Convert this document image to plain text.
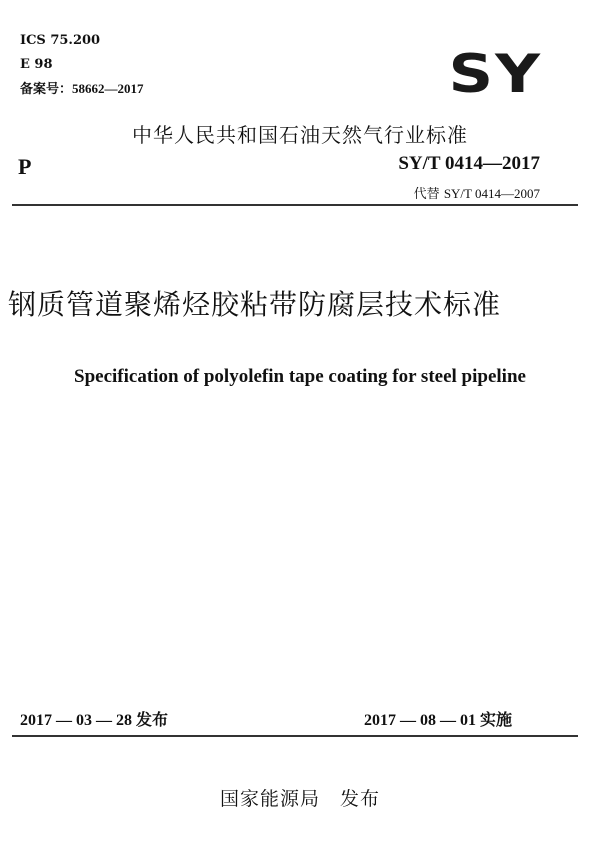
ICS 75.200
E 98
备案号：58662—2017	SY
中华人民共和国石油天然气行业标准
P	SY/T 0414—2017
代替 SY/T 0414—2007
钢质管道聚烯烃胶粘带防腐层技术标准
Specification of polyolefin tape coating for steel pipeline
2017 — 03 — 28 发布	2017 — 08 — 01 实施
国家能源局　发布
